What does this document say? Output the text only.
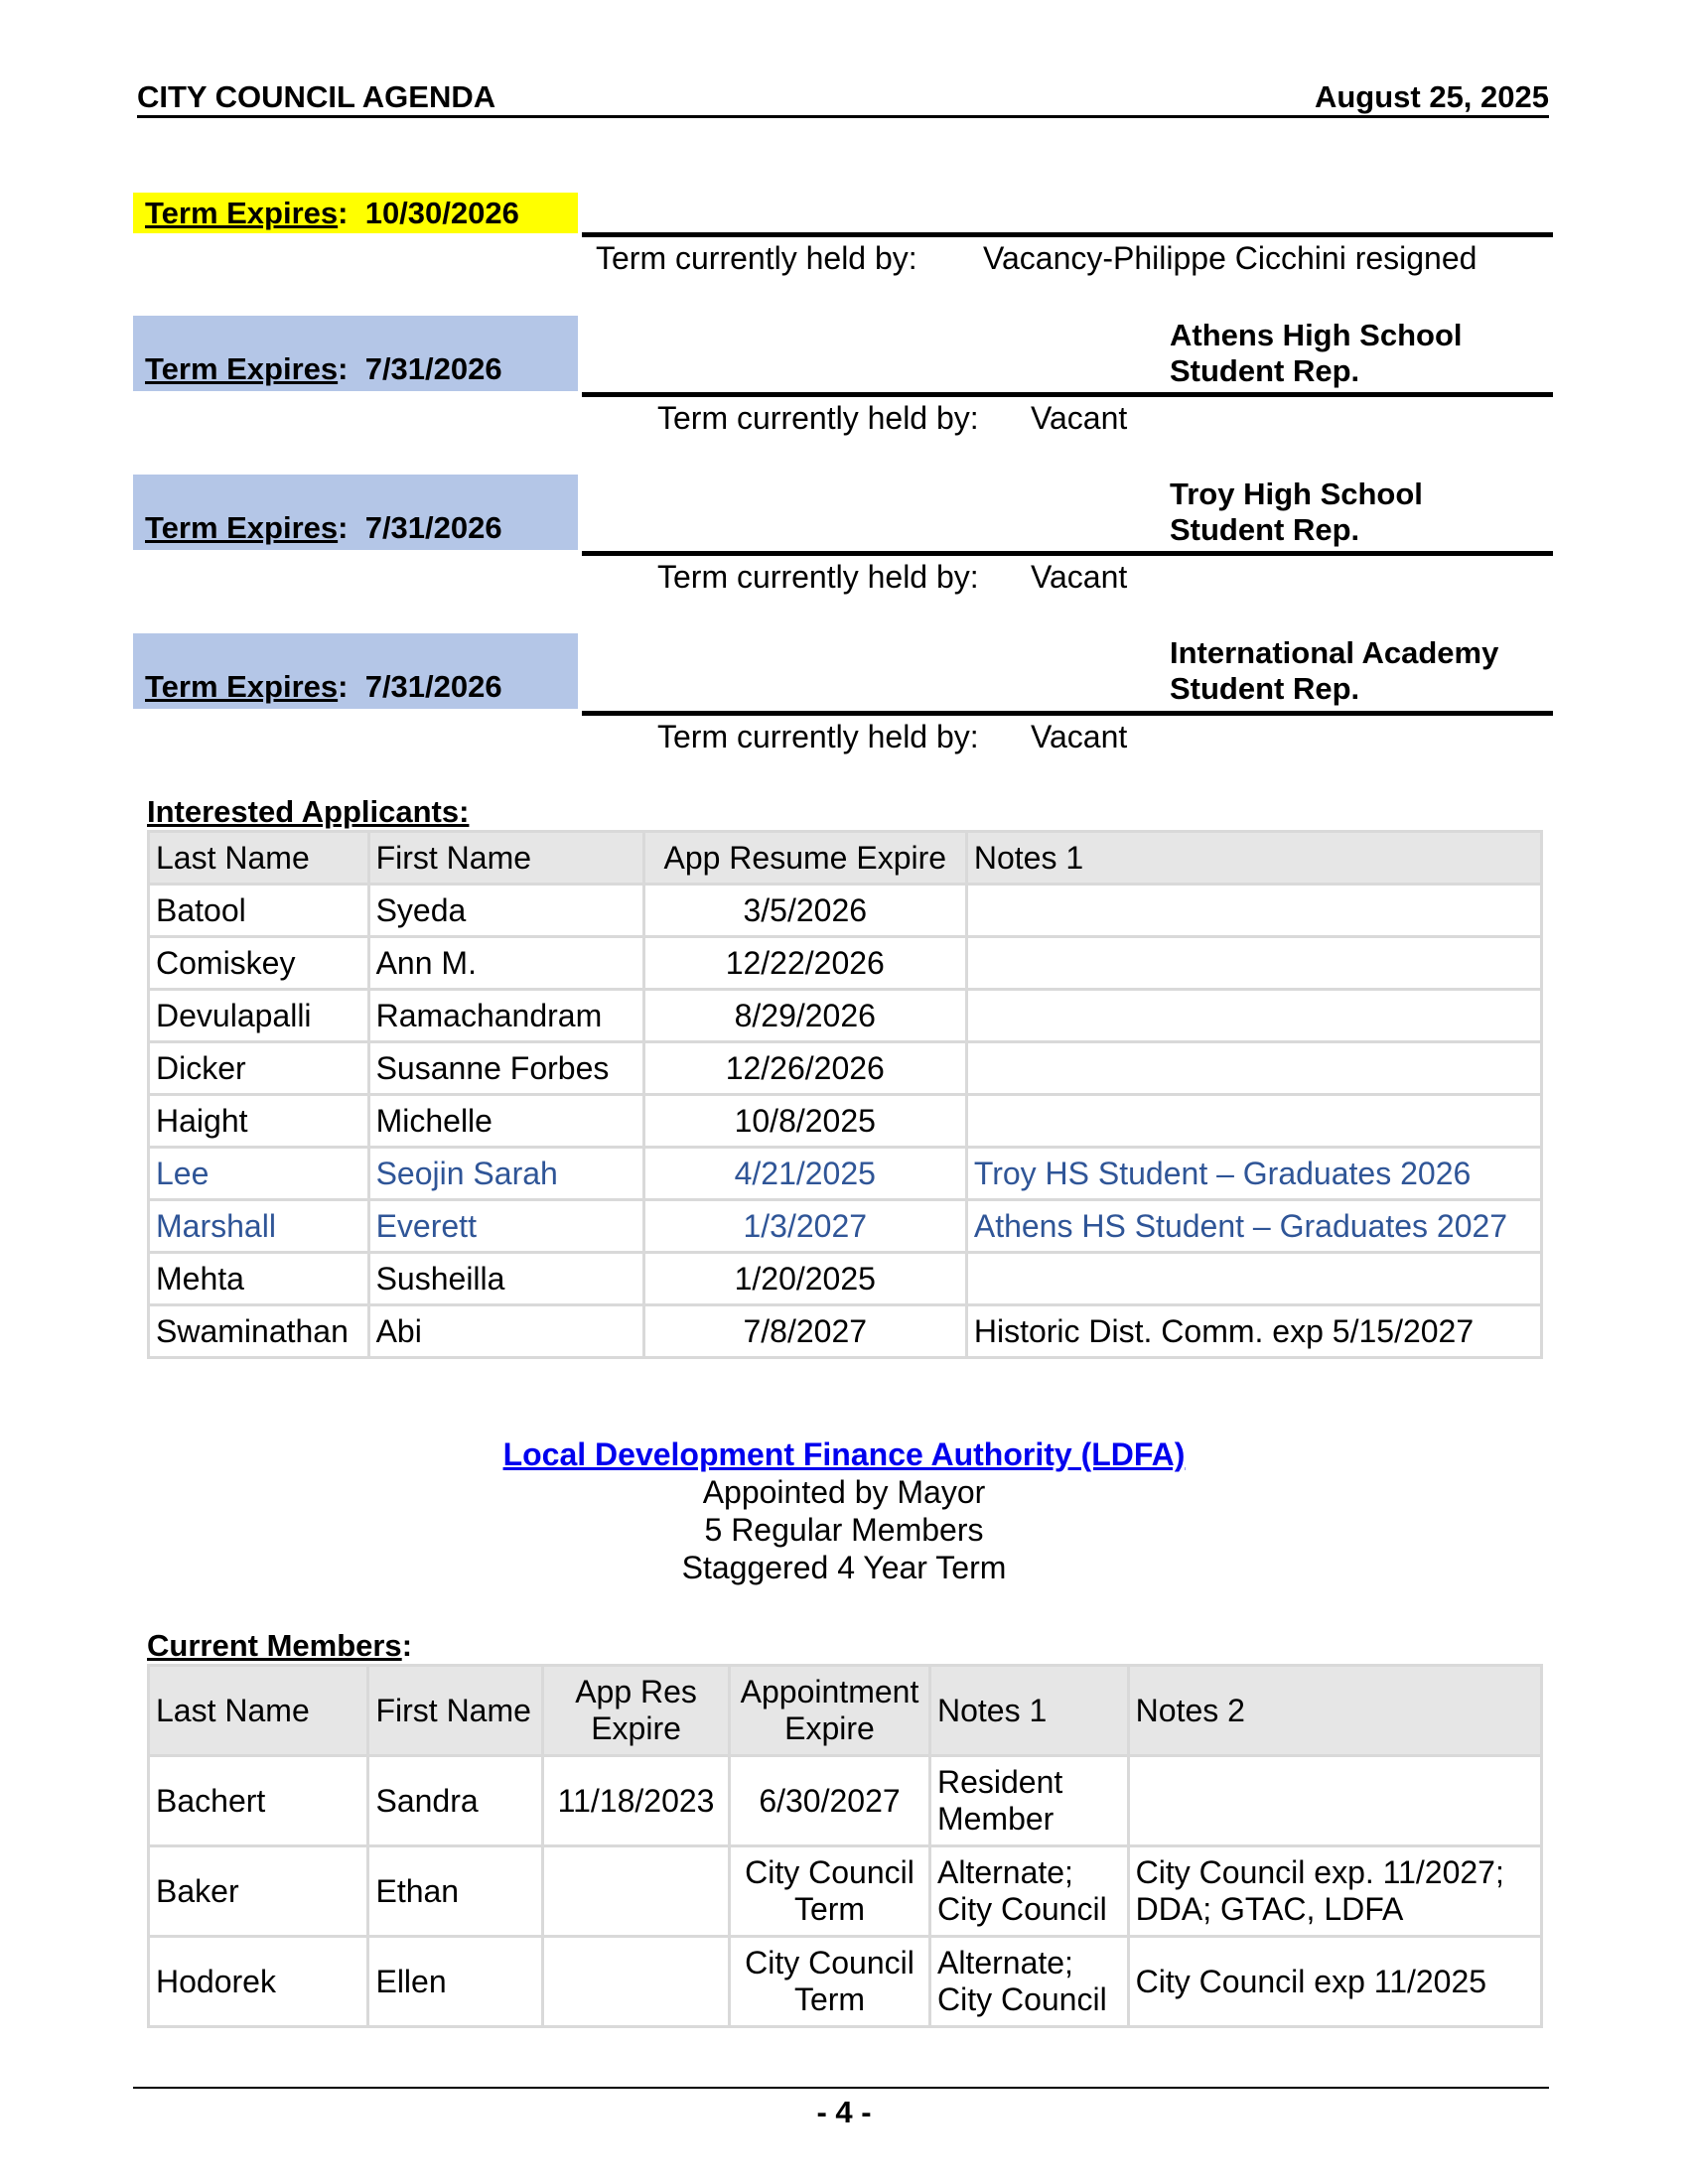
CITY COUNCIL AGENDA	August 25, 2025
Term Expires:  10/30/2026
Term currently held by: Vacancy-Philippe Cicchini resigned
Term Expires:  7/31/2026
Athens High School
Student Rep.
Term currently held by: Vacant
Term Expires:  7/31/2026
Troy High School
Student Rep.
Term currently held by: Vacant
Term Expires:  7/31/2026
International Academy
Student Rep.
Term currently held by: Vacant
Interested Applicants:
Last Name	First Name	App Resume Expire	Notes 1
Batool	Syeda	3/5/2026	
Comiskey	Ann M.	12/22/2026	
Devulapalli	Ramachandram	8/29/2026	
Dicker	Susanne Forbes	12/26/2026	
Haight	Michelle	10/8/2025	
Lee	Seojin Sarah	4/21/2025	Troy HS Student – Graduates 2026
Marshall	Everett	1/3/2027	Athens HS Student – Graduates 2027
Mehta	Susheilla	1/20/2025	
Swaminathan	Abi	7/8/2027	Historic Dist. Comm. exp 5/15/2027
Local Development Finance Authority (LDFA)
Appointed by Mayor
5 Regular Members
Staggered 4 Year Term
Current Members:
Last Name	First Name	App Res Expire	Appointment Expire	Notes 1	Notes 2
Bachert	Sandra	11/18/2023	6/30/2027	Resident Member	
Baker	Ethan		City Council Term	Alternate; City Council	City Council exp. 11/2027; DDA; GTAC, LDFA
Hodorek	Ellen		City Council Term	Alternate; City Council	City Council exp 11/2025
- 4 -
